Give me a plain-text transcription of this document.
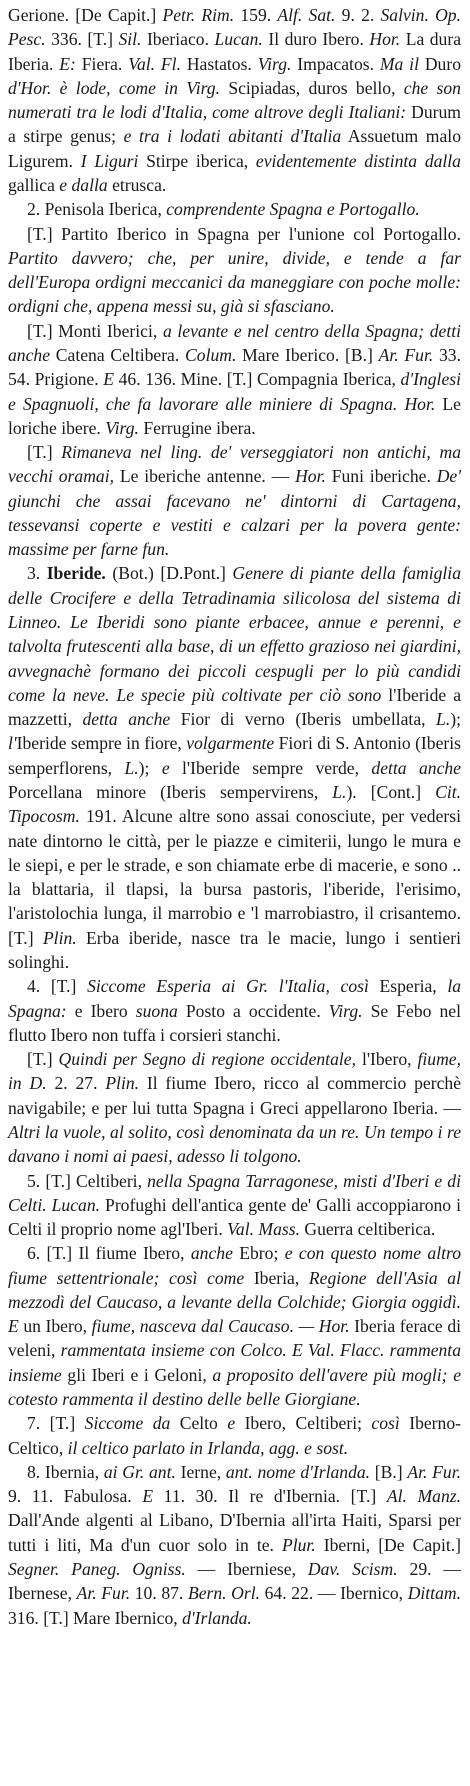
Gerione. [De Capit.] Petr. Rim. 159. Alf. Sat. 9. 2. Salvin. Op. Pesc. 336. [T.] Sil. Iberiaco. Lucan. Il duro Ibero. Hor. La dura Iberia. E: Fiera. Val. Fl. Hastatos. Virg. Impacatos. Ma il Duro d'Hor. è lode, come in Virg. Scipiadas, duros bello, che son numerati tra le lodi d'Italia, come altrove degli Italiani: Durum a stirpe genus; e tra i lodati abitanti d'Italia Assuetum malo Ligurem. I Liguri Stirpe iberica, evidentemente distinta dalla gallica e dalla etrusca.

2. Penisola Iberica, comprendente Spagna e Portogallo.

[T.] Partito Iberico in Spagna per l'unione col Portogallo. Partito davvero; che, per unire, divide, e tende a far dell'Europa ordigni meccanici da maneggiare con poche molle: ordigni che, appena messi su, già si sfasciano.

[T.] Monti Iberici, a levante e nel centro della Spagna; detti anche Catena Celtibera. Colum. Mare Iberico. [B.] Ar. Fur. 33. 54. Prigione. E 46. 136. Mine. [T.] Compagnia Iberica, d'Inglesi e Spagnuoli, che fa lavorare alle miniere di Spagna. Hor. Le loriche ibere. Virg. Ferrugine ibera.

[T.] Rimaneva nel ling. de' verseggiatori non antichi, ma vecchi oramai, Le iberiche antenne. — Hor. Funi iberiche. De' giunchi che assai facevano ne' dintorni di Cartagena, tessevansi coperte e vestiti e calzari per la povera gente: massime per farne fun.

3. Iberide. (Bot.) [D.Pont.] Genere di piante della famiglia delle Crocifere e della Tetradinamia silicolosa del sistema di Linneo. Le Iberidi sono piante erbacee, annue e perenni, e talvolta frutescenti alla base, di un effetto grazioso nei giardini, avvegnachè formano dei piccoli cespugli per lo più candidi come la neve. Le specie più coltivate per ciò sono l'Iberide a mazzetti, detta anche Fior di verno (Iberis umbellata, L.); l'Iberide sempre in fiore, volgarmente Fiori di S. Antonio (Iberis semperflorens, L.); e l'Iberide sempre verde, detta anche Porcellana minore (Iberis sempervirens, L.). [Cont.] Cit. Tipocosm. 191. Alcune altre sono assai conosciute, per vedersi nate dintorno le città, per le piazze e cimiterii, lungo le mura e le siepi, e per le strade, e son chiamate erbe di macerie, e sono .. la blattaria, il tlapsi, la bursa pastoris, l'iberide, l'erisimo, l'aristolochia lunga, il marrobio e 'l marrobiastro, il crisantemo. [T.] Plin. Erba iberide, nasce tra le macie, lungo i sentieri solinghi.

4. [T.] Siccome Esperia ai Gr. l'Italia, così Esperia, la Spagna: e Ibero suona Posto a occidente. Virg. Se Febo nel flutto Ibero non tuffa i corsieri stanchi.

[T.] Quindi per Segno di regione occidentale, l'Ibero, fiume, in D. 2. 27. Plin. Il fiume Ibero, ricco al commercio perchè navigabile; e per lui tutta Spagna i Greci appellarono Iberia. — Altri la vuole, al solito, così denominata da un re. Un tempo i re davano i nomi ai paesi, adesso li tolgono.

5. [T.] Celtiberi, nella Spagna Tarragonese, misti d'Iberi e di Celti. Lucan. Profughi dell'antica gente de' Galli accoppiarono i Celti il proprio nome agl'Iberi. Val. Mass. Guerra celtiberica.

6. [T.] Il fiume Ibero, anche Ebro; e con questo nome altro fiume settentrionale; così come Iberia, Regione dell'Asia al mezzodì del Caucaso, a levante della Colchide; Giorgia oggidì. E un Ibero, fiume, nasceva dal Caucaso. — Hor. Iberia ferace di veleni, rammentata insieme con Colco. E Val. Flacc. rammenta insieme gli Iberi e i Geloni, a proposito dell'avere più mogli; e cotesto rammenta il destino delle belle Giorgiane.

7. [T.] Siccome da Celto e Ibero, Celtiberi; così Iberno-Celtico, il celtico parlato in Irlanda, agg. e sost.

8. Ibernia, ai Gr. ant. Ierne, ant. nome d'Irlanda. [B.] Ar. Fur. 9. 11. Fabulosa. E 11. 30. Il re d'Ibernia. [T.] Al. Manz. Dall'Ande algenti al Libano, D'Ibernia all'irta Haiti, Sparsi per tutti i liti, Ma d'un cuor solo in te. Plur. Iberni, [De Capit.] Segner. Paneg. Ogniss. — Iberniese, Dav. Scism. 29. — Ibernese, Ar. Fur. 10. 87. Bern. Orl. 64. 22. — Ibernico, Dittam. 316. [T.] Mare Ibernico, d'Irlanda.
